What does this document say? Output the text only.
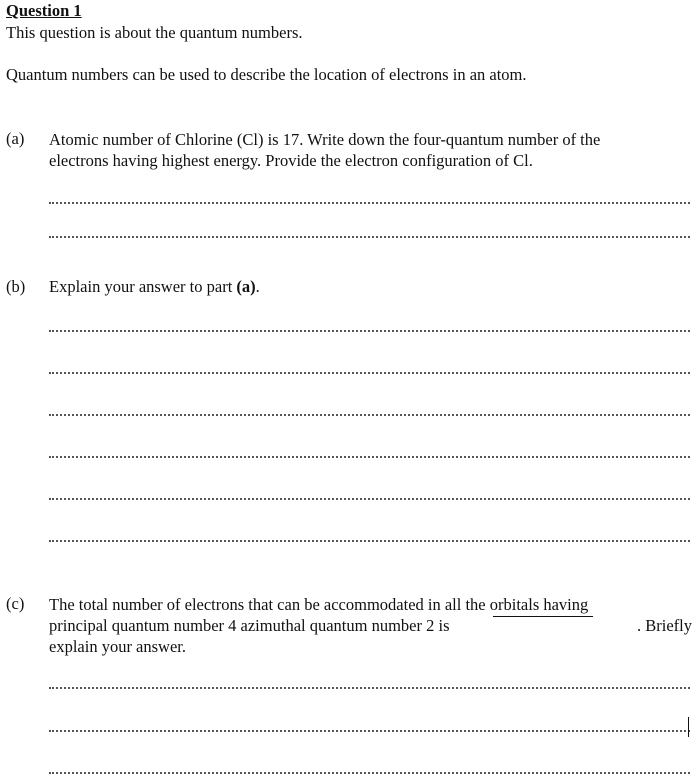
Question 1
This question is about the quantum numbers.
Quantum numbers can be used to describe the location of electrons in an atom.
(a) Atomic number of Chlorine (Cl) is 17. Write down the four-quantum number of the
electrons having highest energy. Provide the electron configuration of Cl.
(b) Explain your answer to part (a).
(c) The total number of electrons that can be accommodated in all the orbitals having
principal quantum number 4 azimuthal quantum number 2 is	. Briefly
explain your answer.
